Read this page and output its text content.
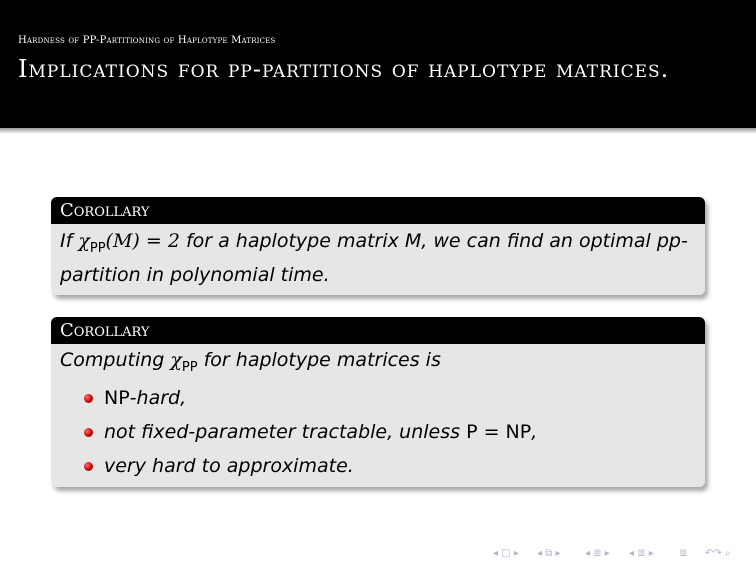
Hardness of PP-Partitioning of Haplotype Matrices
Implications for pp-partitions of haplotype matrices.
Corollary
If $\chi_{PP}(M) = 2$ for a haplotype matrix M, we can find an optimal pp-partition in polynomial time.
Corollary
Computing $\chi_{PP}$ for haplotype matrices is
NP-hard,
not fixed-parameter tractable, unless P = NP,
very hard to approximate.
◂ □ ▸ ◂ ⧉ ▸ ◂ ≣ ▸ ◂ ≣ ▸	≣ ↶↷ ⌕
